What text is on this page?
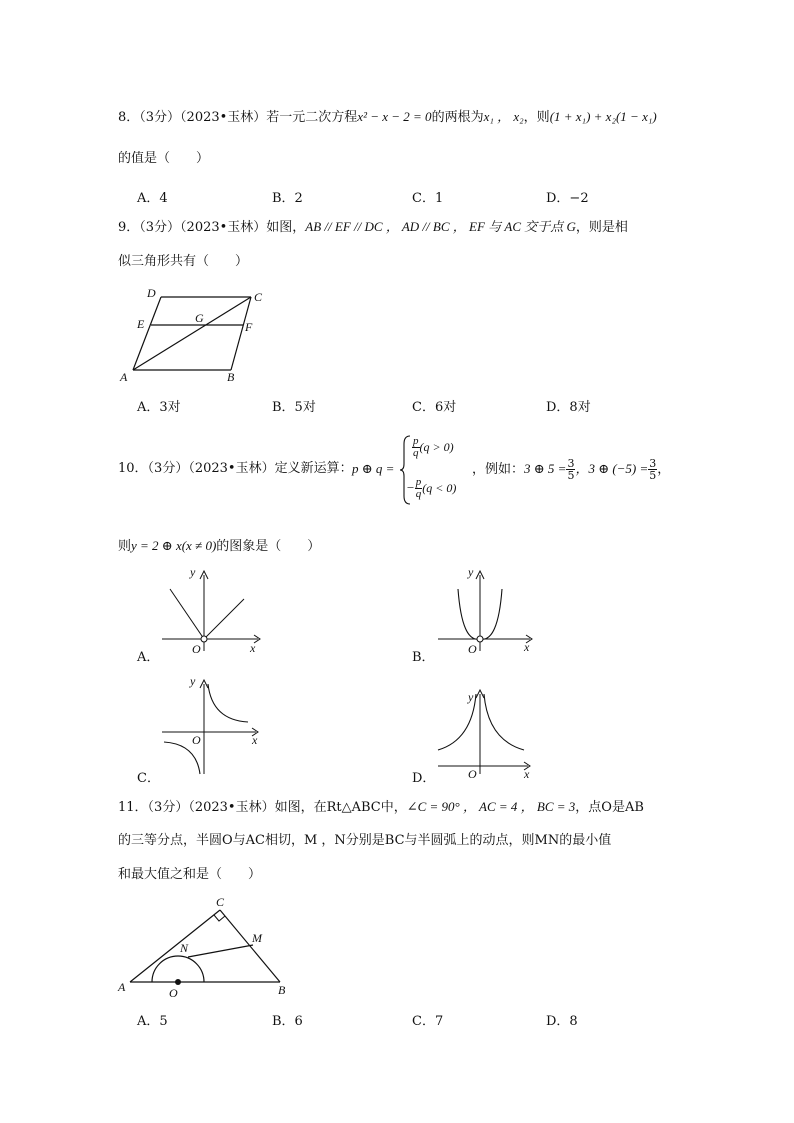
8．（3分）（2023•玉林）若一元二次方程x² − x − 2 = 0的两根为x₁ ， x₂，则(1 + x₁) + x₂(1 − x₁)
的值是（　　）
A．4	B．2	C．1	D．−2
9．（3分）（2023•玉林）如图，AB // EF // DC ， AD // BC ， EF 与 AC 交于点 G，则是相
似三角形共有（　　）
A	B
C
D
E	F
G
A．3对	B．5对	C．6对	D．8对
10．（3分）（2023•玉林）定义新运算： p ⊕ q =
$\frac{p}{q} (q > 0)$
− $\frac{p}{q} (q < 0)$
，例如：3 ⊕ $5 = \frac{3}{5}$ ，3 ⊕ $(-5) = \frac{3}{5}$ ，
则y = 2 ⊕ x(x ≠ 0)的图象是（　　）
A．
y
x
O
B．
y
x
O
C．
y
x
O
D．
y
x
O
11．（3分）（2023•玉林）如图，在Rt△ABC中，∠C = 90° ， AC = 4 ， BC = 3，点O是AB
的三等分点，半圆O与AC相切，M ，N分别是BC与半圆弧上的动点，则MN的最小值
和最大值之和是（　　）
A	B
C
M
N
O
A．5	B．6	C．7	D．8
